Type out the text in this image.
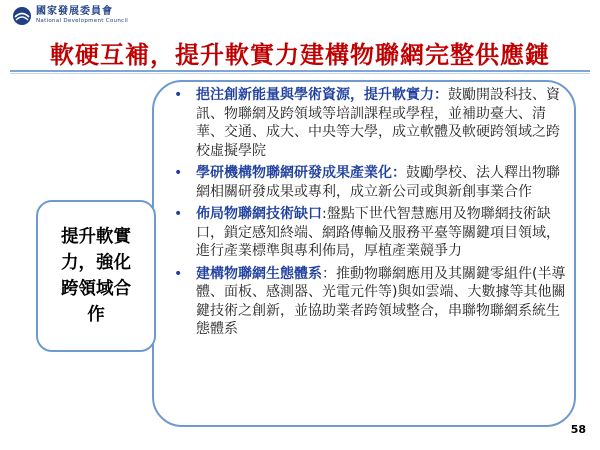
國家發展委員會
National Development Council
軟硬互補，提升軟實力建構物聯網完整供應鏈
• 挹注創新能量與學術資源，提升軟實力：鼓勵開設科技、資訊、物聯網及跨領域等培訓課程或學程，並補助臺大、清華、交通、成大、中央等大學，成立軟體及軟硬跨領域之跨校虛擬學院
• 學研機構物聯網研發成果產業化：鼓勵學校、法人釋出物聯網相關研發成果或專利，成立新公司或與新創事業合作
• 佈局物聯網技術缺口:盤點下世代智慧應用及物聯網技術缺口，鎖定感知終端、網路傳輸及服務平臺等關鍵項目領域，進行產業標準與專利佈局，厚植產業競爭力
• 建構物聯網生態體系：推動物聯網應用及其關鍵零組件(半導體、面板、感測器、光電元件等)與如雲端、大數據等其他關鍵技術之創新，並協助業者跨領域整合，串聯物聯網系統生態體系
提升軟實
力，強化
跨領域合
作
58
